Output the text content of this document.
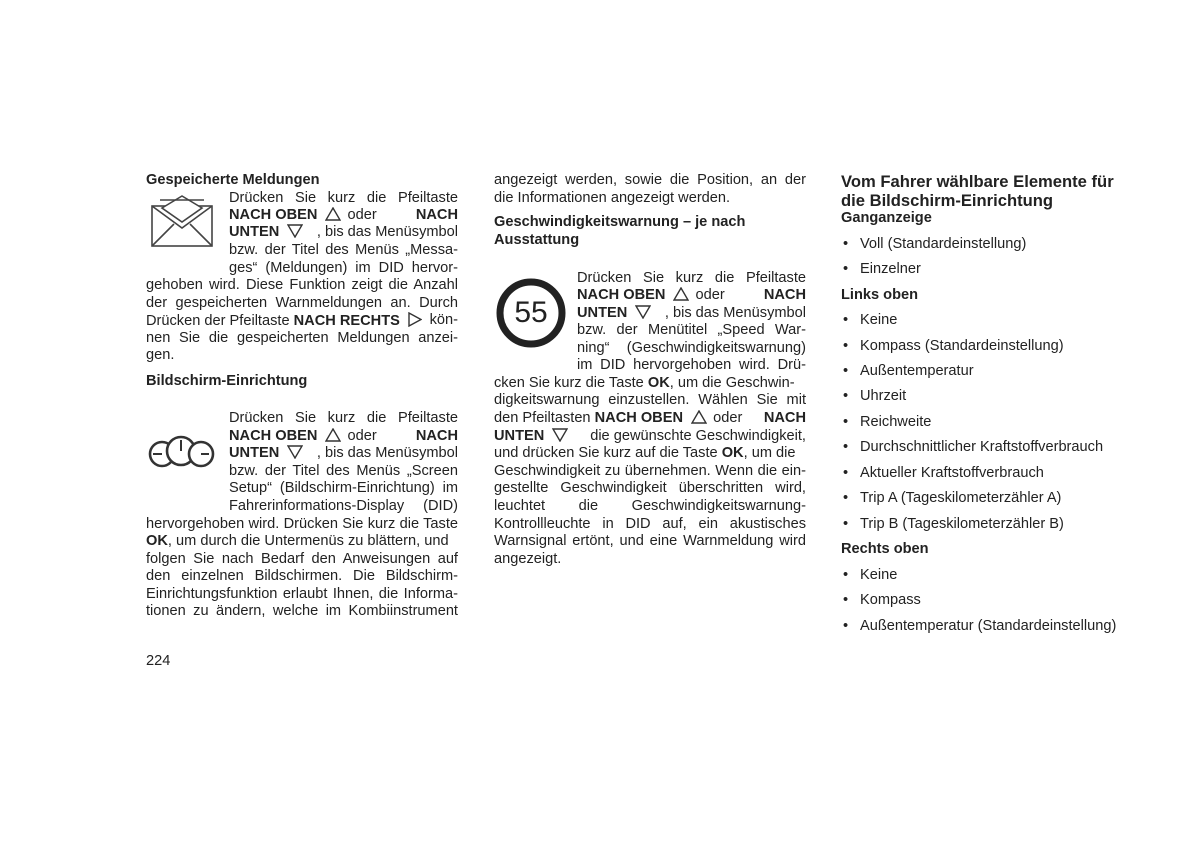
Gespeicherte Meldungen
Drücken Sie kurz die Pfeiltaste
NACH OBEN oder	NACH
UNTEN	, bis das Menüsymbol
bzw. der Titel des Menüs „Messa-
ges“ (Meldungen) im DID hervor-
gehoben wird. Diese Funktion zeigt die Anzahl
der gespeicherten Warnmeldungen an. Durch
Drücken der Pfeiltaste NACH RECHTS kön-
nen Sie die gespeicherten Meldungen anzei-
gen.
Bildschirm-Einrichtung
Drücken Sie kurz die Pfeiltaste
NACH OBEN oder	NACH
UNTEN	, bis das Menüsymbol
bzw. der Titel des Menüs „Screen
Setup“ (Bildschirm-Einrichtung) im
Fahrerinformations-Display (DID)
hervorgehoben wird. Drücken Sie kurz die Taste
OK, um durch die Untermenüs zu blättern, und
folgen Sie nach Bedarf den Anweisungen auf
den einzelnen Bildschirmen. Die Bildschirm-
Einrichtungsfunktion erlaubt Ihnen, die Informa-
tionen zu ändern, welche im Kombiinstrument
224
angezeigt werden, sowie die Position, an der
die Informationen angezeigt werden.
Geschwindigkeitswarnung – je nach
Ausstattung
55
Drücken Sie kurz die Pfeiltaste
NACH OBEN oder	NACH
UNTEN	, bis das Menüsymbol
bzw. der Menütitel „Speed War-
ning“ (Geschwindigkeitswarnung)
im DID hervorgehoben wird. Drü-
cken Sie kurz die Taste OK, um die Geschwin-
digkeitswarnung einzustellen. Wählen Sie mit
den Pfeiltasten NACH OBEN oder NACH
UNTEN	die gewünschte Geschwindigkeit,
und drücken Sie kurz auf die Taste OK, um die
Geschwindigkeit zu übernehmen. Wenn die ein-
gestellte Geschwindigkeit überschritten wird,
leuchtet die Geschwindigkeitswarnung-
Kontrollleuchte in DID auf, ein akustisches
Warnsignal ertönt, und eine Warnmeldung wird
angezeigt.
Vom Fahrer wählbare Elemente für
die Bildschirm-Einrichtung
Ganganzeige
• Voll (Standardeinstellung)
• Einzelner
Links oben
• Keine
• Kompass (Standardeinstellung)
• Außentemperatur
• Uhrzeit
• Reichweite
• Durchschnittlicher Kraftstoffverbrauch
• Aktueller Kraftstoffverbrauch
• Trip A (Tageskilometerzähler A)
• Trip B (Tageskilometerzähler B)
Rechts oben
• Keine
• Kompass
• Außentemperatur (Standardeinstellung)
